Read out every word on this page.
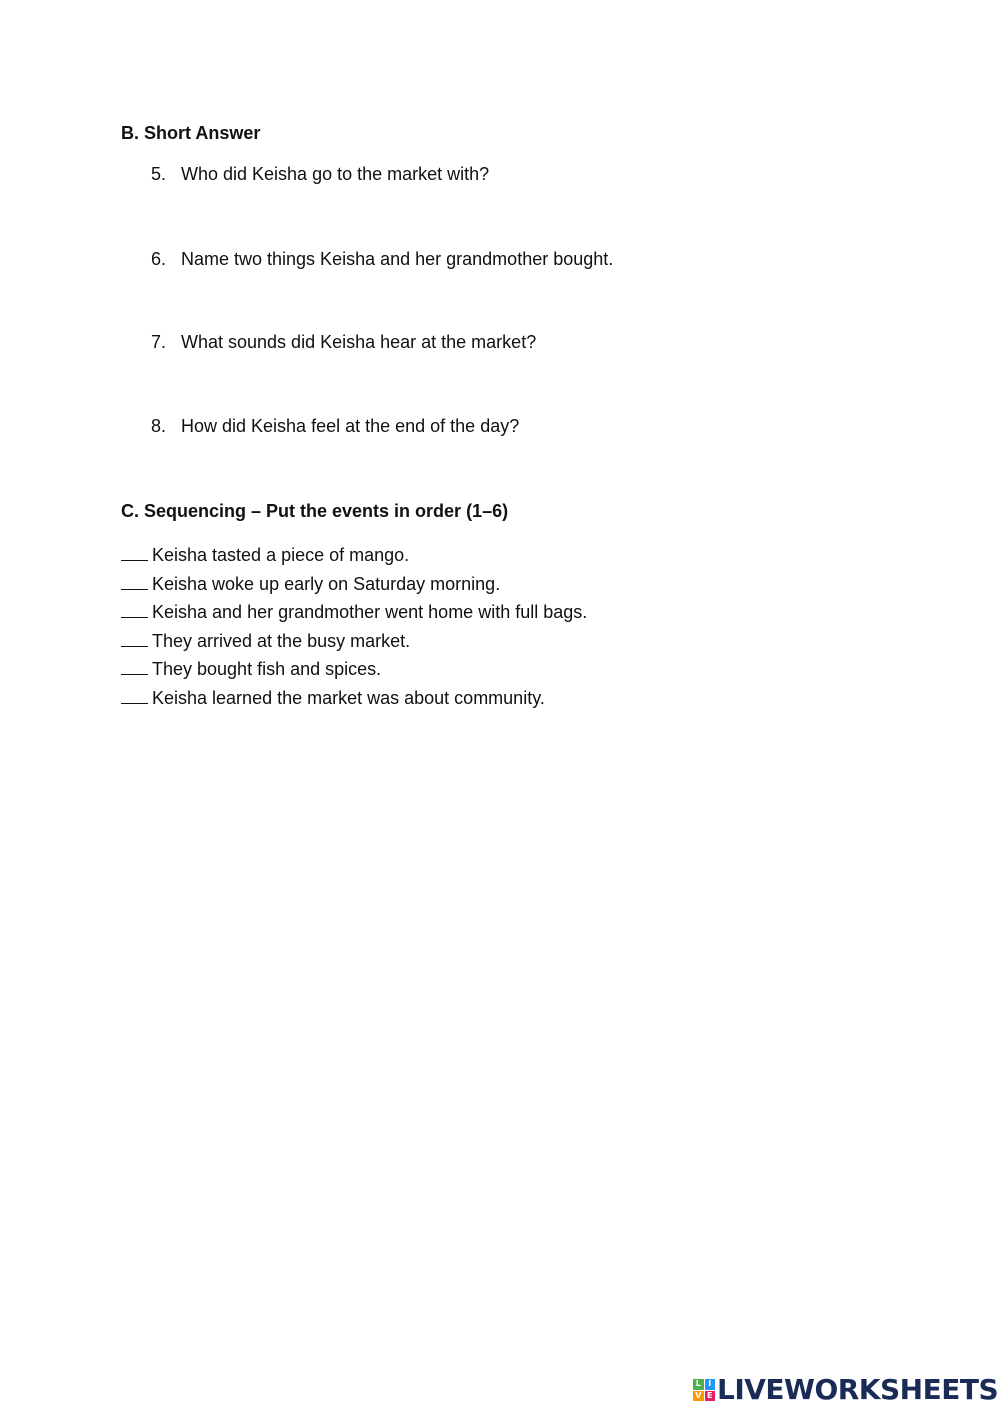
B. Short Answer
5. Who did Keisha go to the market with?
6. Name two things Keisha and her grandmother bought.
7. What sounds did Keisha hear at the market?
8. How did Keisha feel at the end of the day?
C. Sequencing – Put the events in order (1–6)
Keisha tasted a piece of mango.
Keisha woke up early on Saturday morning.
Keisha and her grandmother went home with full bags.
They arrived at the busy market.
They bought fish and spices.
Keisha learned the market was about community.
L I
V E LIVEWORKSHEETS
